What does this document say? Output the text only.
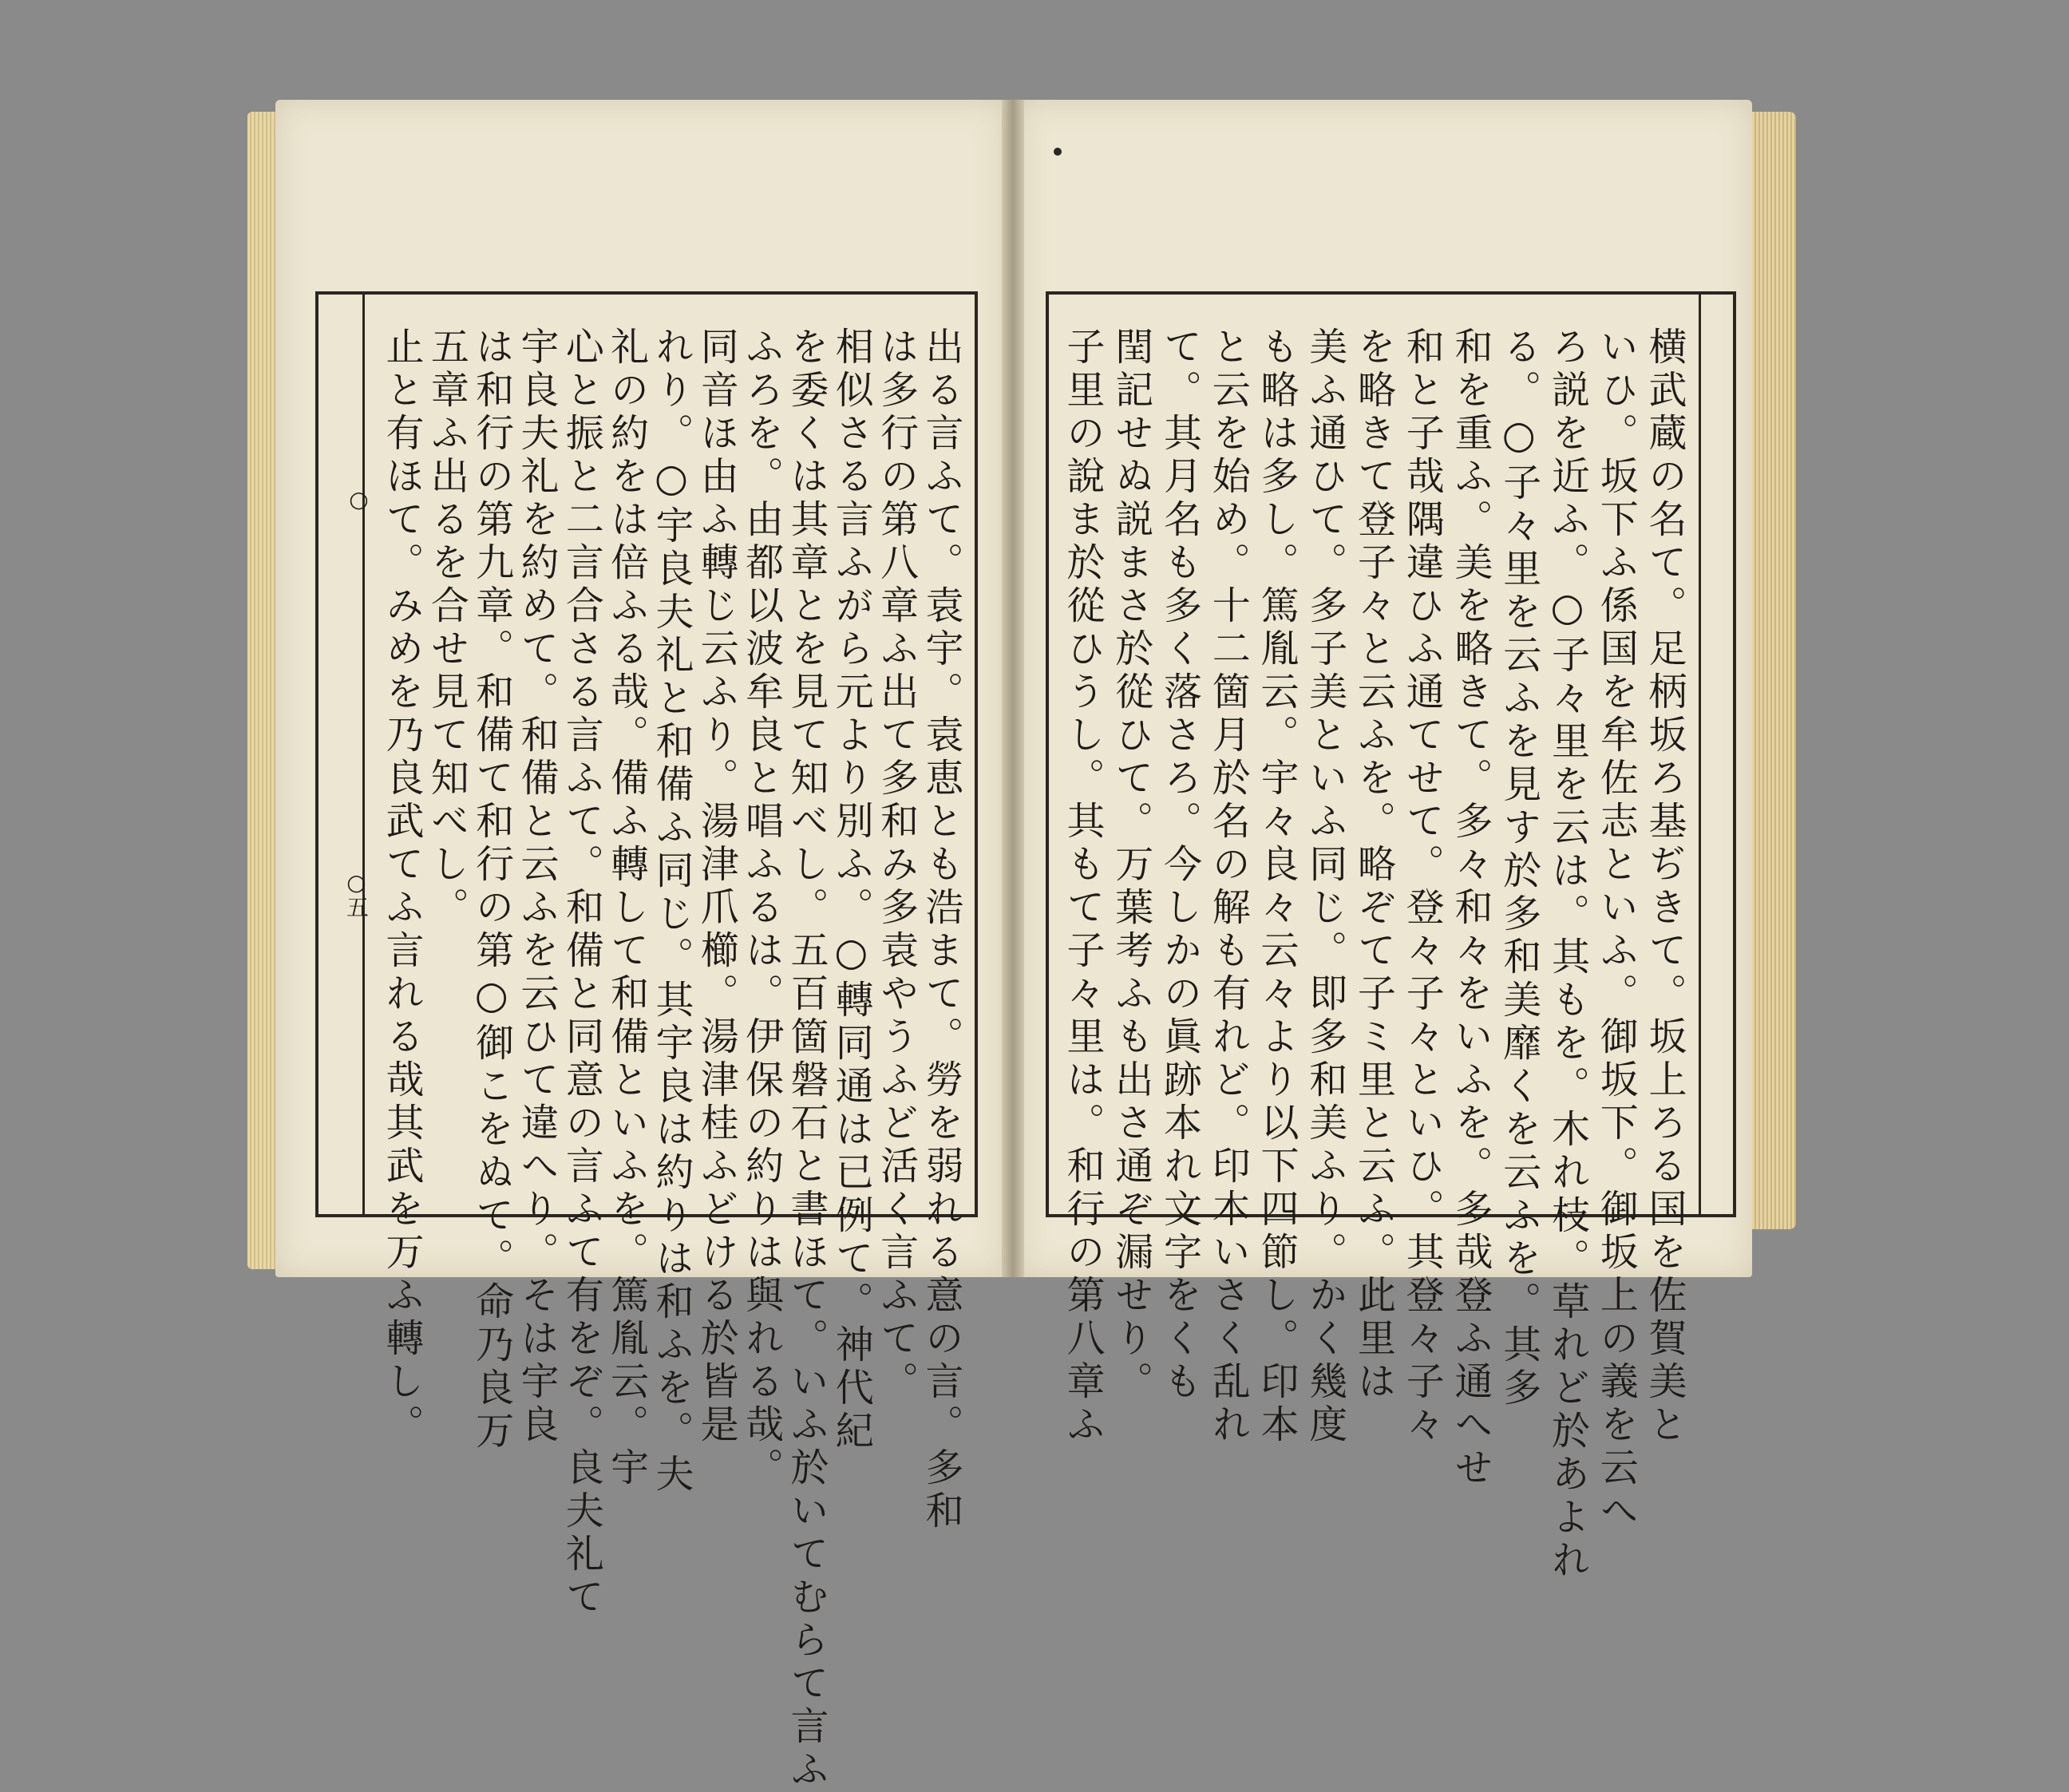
○
○五	出る言ふて。袁宇。袁恵とも浩まて。勞を弱れる意の言。多和
は多行の第八章ふ出て多和み多袁やうふど活く言ふて。
相似さる言ふがら元より別ふ。○轉同通は已例て。神代紀
を委くは其章とを見て知べし。五百箇磐石と書ほて。いふ於いてむらて言ふ
ふろを。由都以波牟良と唱ふるは。伊保の約りは與れる哉。
同音ほ由ふ轉じ云ふり。湯津爪櫛。湯津桂ふどける於皆是
れり。○宇良夫礼と和備ふ同じ。其宇良は約りは和ふを。夫
礼の約をは倍ふる哉。備ふ轉して和備といふを。篤胤云。宇
心と振と二言合さる言ふて。和備と同意の言ふて有をぞ。良夫礼て
宇良夫礼を約めて。和備と云ふを云ひて違へり。そは宇良
は和行の第九章。和備て和行の第○御こをぬて。命乃良万
五章ふ出るを合せ見て知べし。
止と有ほて。みめを乃良武てふ言れる哉其武を万ふ轉し。	横武蔵の名て。足柄坂ろ基ぢきて。坂上ろる国を佐賀美と
いひ。坂下ふ係国を牟佐志といふ。御坂下。御坂上の義を云へ
ろ説を近ふ。○子々里を云は。其もを。木れ枝。草れど於あよれ
る。○子々里を云ふを見す於多和美靡くを云ふを。其多
和を重ふ。美を略きて。多々和々をいふを。多哉登ふ通へせ
和と子哉隅違ひふ通てせて。登々子々といひ。其登々子々
を略きて登子々と云ふを。略ぞて子ミ里と云ふ。此里は
美ふ通ひて。多子美といふ同じ。即多和美ふり。かく幾度
も略は多し。篤胤云。宇々良々云々より以下四節し。印本
と云を始め。十二箇月於名の解も有れど。印本いさく乱れ
て。其月名も多く落さろ。今しかの眞跡本れ文字をくも
閏記せぬ説まさ於從ひて。万葉考ふも出さ通ぞ漏せり。
子里の說ま於從ひうし。其もて子々里は。和行の第八章ふ
